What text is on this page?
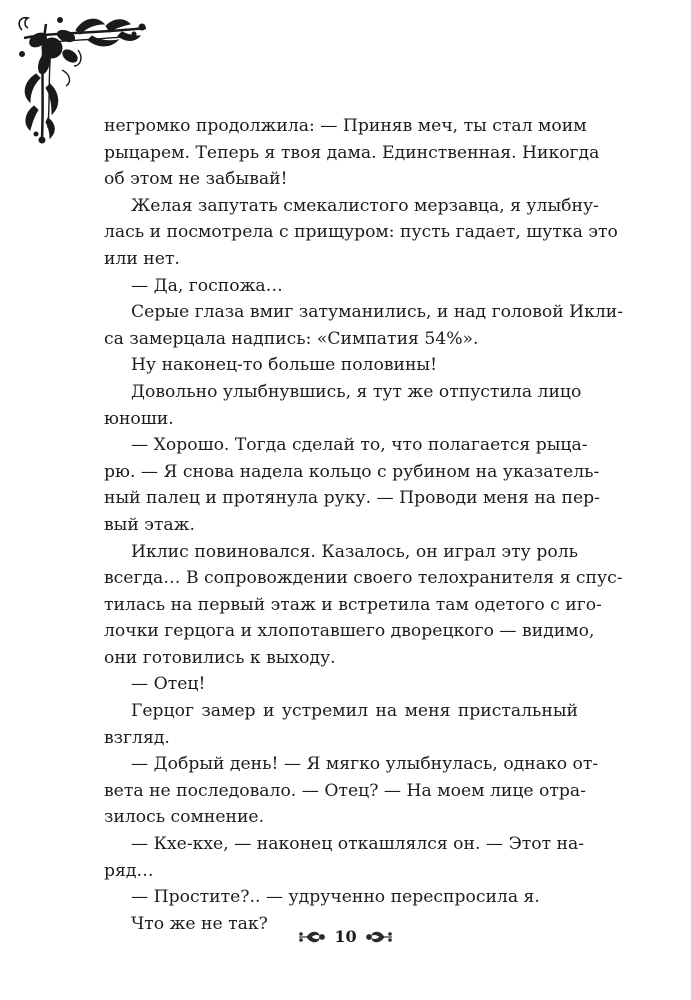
негромко продолжила: — Приняв меч, ты стал моим
рыцарем. Теперь я твоя дама. Единственная. Никогда
об этом не забывай!
Желая запутать смекалистого мерзавца, я улыбну-
лась и посмотрела с прищуром: пусть гадает, шутка это
или нет.
— Да, госпожа…
Серые глаза вмиг затуманились, и над головой Икли-
са замерцала надпись: «Симпатия 54%».
Ну наконец-то больше половины!
Довольно улыбнувшись, я тут же отпустила лицо
юноши.
— Хорошо. Тогда сделай то, что полагается рыца-
рю. — Я снова надела кольцо с рубином на указатель-
ный палец и протянула руку. — Проводи меня на пер-
вый этаж.
Иклис повиновался. Казалось, он играл эту роль
всегда… В сопровождении своего телохранителя я спус-
тилась на первый этаж и встретила там одетого с иго-
лочки герцога и хлопотавшего дворецкого — видимо,
они готовились к выходу.
— Отец!
Герцог замер и устремил на меня пристальный
взгляд.
— Добрый день! — Я мягко улыбнулась, однако от-
вета не последовало. — Отец? — На моем лице отра-
зилось сомнение.
— Кхе-кхе, — наконец откашлялся он. — Этот на-
ряд…
— Простите?.. — удрученно переспросила я.
Что же не так?
10
